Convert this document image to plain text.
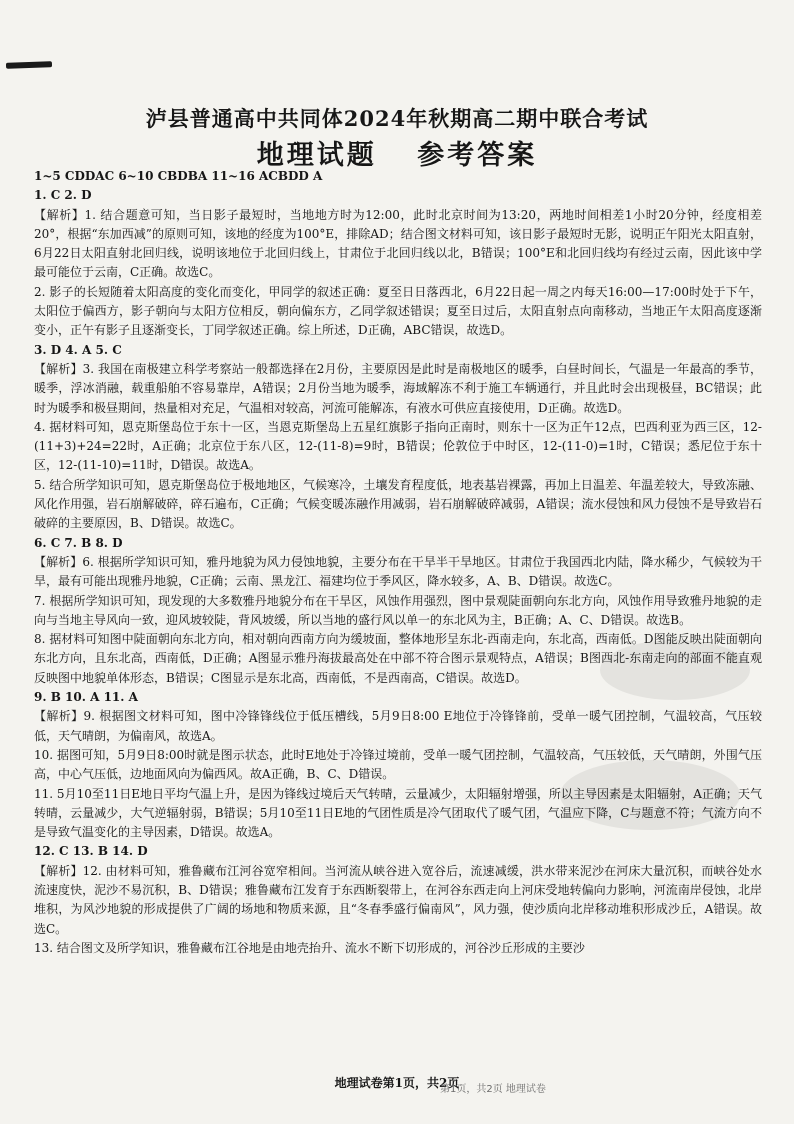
泸县普通高中共同体2024年秋期高二期中联合考试
地理试题 参考答案

1~5 CDDAC 6~10 CBDBA 11~16 ACBDD A

1. C 2. D

【解析】1. 结合题意可知，当日影子最短时，当地地方时为12:00，此时北京时间为13:20，两地时间相差1小时20分钟，经度相差20°，根据“东加西减”的原则可知，该地的经度为100°E，排除AD；结合图文材料可知，该日影子最短时无影，说明正午阳光太阳直射，6月22日太阳直射北回归线，说明该地位于北回归线上，甘肃位于北回归线以北，B错误；100°E和北回归线均有经过云南，因此该中学最可能位于云南，C正确。故选C。

2. 影子的长短随着太阳高度的变化而变化，甲同学的叙述正确：夏至日日落西北，6月22日起一周之内每天16:00—17:00时处于下午，太阳位于偏西方，影子朝向与太阳方位相反，朝向偏东方，乙同学叙述错误；夏至日过后，太阳直射点向南移动，当地正午太阳高度逐渐变小，正午有影子且逐渐变长，丁同学叙述正确。综上所述，D正确，ABC错误，故选D。

3. D 4. A 5. C

【解析】3. 我国在南极建立科学考察站一般都选择在2月份，主要原因是此时是南极地区的暖季，白昼时间长，气温是一年最高的季节，暖季，浮冰消融，载重船舶不容易靠岸，A错误；2月份当地为暖季，海域解冻不利于施工车辆通行，并且此时会出现极昼，BC错误；此时为暖季和极昼期间，热量相对充足，气温相对较高，河流可能解冻，有液水可供应直接使用，D正确。故选D。

4. 据材料可知，恩克斯堡岛位于东十一区，当恩克斯堡岛上五星红旗影子指向正南时，则东十一区为正午12点，巴西利亚为西三区，12-(11+3)+24=22时，A正确；北京位于东八区，12-(11-8)=9时，B错误；伦敦位于中时区，12-(11-0)=1时，C错误；悉尼位于东十区，12-(11-10)=11时，D错误。故选A。

5. 结合所学知识可知，恩克斯堡岛位于极地地区，气候寒冷，土壤发育程度低，地表基岩裸露，再加上日温差、年温差较大，导致冻融、风化作用强，岩石崩解破碎，碎石遍布，C正确；气候变暖冻融作用减弱，岩石崩解破碎减弱，A错误；流水侵蚀和风力侵蚀不是导致岩石破碎的主要原因，B、D错误。故选C。

6. C 7. B 8. D

【解析】6. 根据所学知识可知，雅丹地貌为风力侵蚀地貌，主要分布在干旱半干旱地区。甘肃位于我国西北内陆，降水稀少，气候较为干旱，最有可能出现雅丹地貌，C正确；云南、黑龙江、福建均位于季风区，降水较多，A、B、D错误。故选C。

7. 根据所学知识可知，现发现的大多数雅丹地貌分布在干旱区，风蚀作用强烈，图中景观陡面朝向东北方向，风蚀作用导致雅丹地貌的走向与当地主导风向一致，迎风坡较陡，背风坡缓，所以当地的盛行风以单一的东北风为主，B正确；A、C、D错误。故选B。

8. 据材料可知图中陡面朝向东北方向，相对朝向西南方向为缓坡面，整体地形呈东北-西南走向，东北高，西南低。D图能反映出陡面朝向东北方向，且东北高，西南低，D正确；A图显示雅丹海拔最高处在中部不符合图示景观特点，A错误；B图西北-东南走向的部面不能直观反映图中地貌单体形态，B错误；C图显示是东北高，西南低，不是西南高，C错误。故选D。

9. B 10. A 11. A

【解析】9. 根据图文材料可知，图中冷锋锋线位于低压槽线，5月9日8:00 E地位于冷锋锋前，受单一暖气团控制，气温较高，气压较低，天气晴朗，为偏南风，故选A。

10. 据图可知，5月9日8:00时就是图示状态，此时E地处于冷锋过境前，受单一暖气团控制，气温较高，气压较低，天气晴朗，外围气压高，中心气压低，边地面风向为偏西风。故A正确，B、C、D错误。

11. 5月10至11日E地日平均气温上升，是因为锋线过境后天气转晴，云量减少，太阳辐射增强，所以主导因素是太阳辐射，A正确；天气转晴，云量减少，大气逆辐射弱，B错误；5月10至11日E地的气团性质是冷气团取代了暖气团，气温应下降，C与题意不符；气流方向不是导致气温变化的主导因素，D错误。故选A。

12. C 13. B 14. D

【解析】12. 由材料可知，雅鲁藏布江河谷宽窄相间。当河流从峡谷进入宽谷后，流速减缓，洪水带来泥沙在河床大量沉积，而峡谷处水流速度快，泥沙不易沉积，B、D错误；雅鲁藏布江发育于东西断裂带上，在河谷东西走向上河床受地转偏向力影响，河流南岸侵蚀，北岸堆积，为风沙地貌的形成提供了广阔的场地和物质来源，且“冬春季盛行偏南风”，风力强，使沙质向北岸移动堆积形成沙丘，A错误。故选C。

13. 结合图文及所学知识，雅鲁藏布江谷地是由地壳抬升、流水不断下切形成的，河谷沙丘形成的主要沙

地理试卷第1页，共2页
第1页，共2页 地理试卷
